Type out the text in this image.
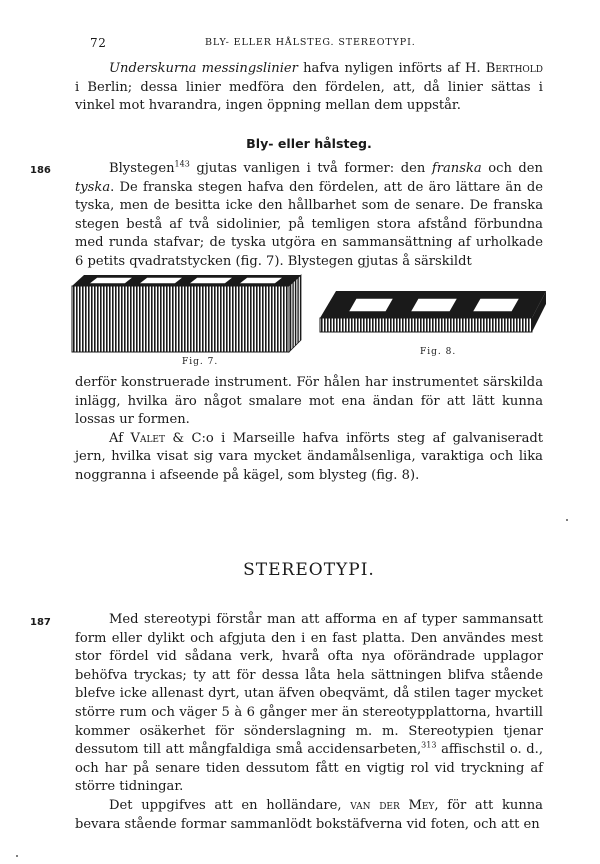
72	BLY- ELLER HÅLSTEG. STEREOTYPI.

Underskurna messingslinier hafva nyligen införts af H. Berthold i Berlin; dessa linier medföra den fördelen, att, då linier sättas i vinkel mot hvarandra, ingen öppning mellan dem uppstår.

Bly- eller hålsteg.
186	Blystegen$^{143}$ gjutas vanligen i två former: den franska och den tyska. De franska stegen hafva den fördelen, att de äro lättare än de tyska, men de besitta icke den hållbarhet som de senare. De franska stegen bestå af två sidolinier, på temligen stora afstånd förbundna med runda stafvar; de tyska utgöra en sammansättning af urholkade 6 petits qvadratstycken (fig. 7). Blystegen gjutas å särskildt

Fig. 7.
Fig. 8.

derför konstruerade instrument. För hålen har instrumentet särskilda inlägg, hvilka äro något smalare mot ena ändan för att lätt kunna lossas ur formen.
Af Valet & C:o i Marseille hafva införts steg af galvaniseradt jern, hvilka visat sig vara mycket ändamålsenliga, varaktiga och lika noggranna i afseende på kägel, som blysteg (fig. 8).

STEREOTYPI.
187	Med stereotypi förstår man att afforma en af typer sammansatt form eller dylikt och afgjuta den i en fast platta. Den användes mest stor fördel vid sådana verk, hvarå ofta nya oförändrade upplagor behöfva tryckas; ty att för dessa låta hela sättningen blifva stående blefve icke allenast dyrt, utan äfven obeqvämt, då stilen tager mycket större rum och väger 5 à 6 gånger mer än stereotypplattorna, hvartill kommer osäkerhet för sönderslagning m. m. Stereotypien tjenar dessutom till att mångfaldiga små accidensarbeten,$^{313}$ affischstil o. d., och har på senare tiden dessutom fått en vigtig rol vid tryckning af större tidningar.
Det uppgifves att en holländare, van der Mey, för att kunna bevara stående formar sammanlödt bokstäfverna vid foten, och att en
